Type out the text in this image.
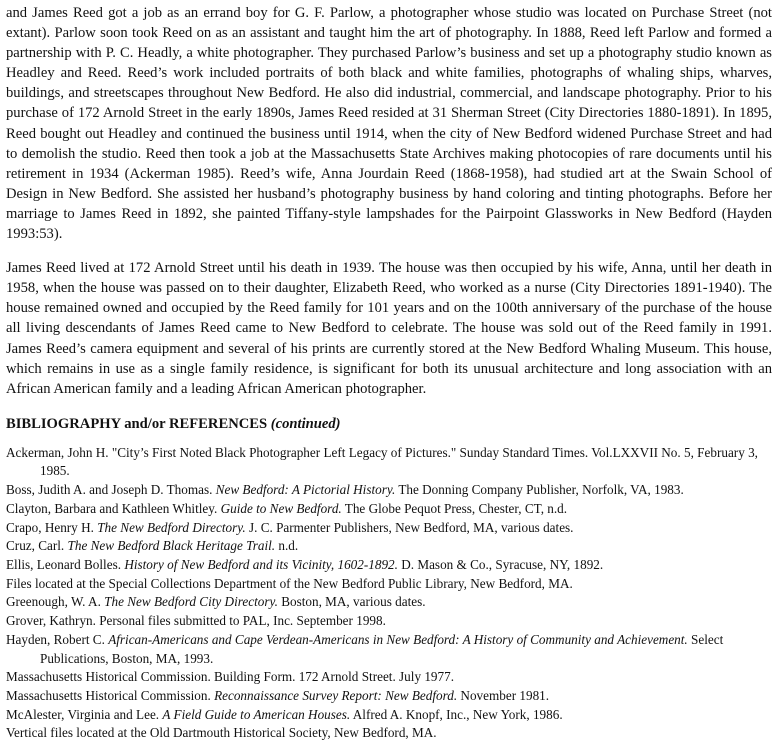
and James Reed got a job as an errand boy for G. F. Parlow, a photographer whose studio was located on Purchase Street (not extant). Parlow soon took Reed on as an assistant and taught him the art of photography. In 1888, Reed left Parlow and formed a partnership with P. C. Headly, a white photographer. They purchased Parlow’s business and set up a photography studio known as Headley and Reed. Reed’s work included portraits of both black and white families, photographs of whaling ships, wharves, buildings, and streetscapes throughout New Bedford. He also did industrial, commercial, and landscape photography. Prior to his purchase of 172 Arnold Street in the early 1890s, James Reed resided at 31 Sherman Street (City Directories 1880-1891). In 1895, Reed bought out Headley and continued the business until 1914, when the city of New Bedford widened Purchase Street and had to demolish the studio. Reed then took a job at the Massachusetts State Archives making photocopies of rare documents until his retirement in 1934 (Ackerman 1985). Reed’s wife, Anna Jourdain Reed (1868-1958), had studied art at the Swain School of Design in New Bedford. She assisted her husband’s photography business by hand coloring and tinting photographs. Before her marriage to James Reed in 1892, she painted Tiffany-style lampshades for the Pairpoint Glassworks in New Bedford (Hayden 1993:53).

James Reed lived at 172 Arnold Street until his death in 1939. The house was then occupied by his wife, Anna, until her death in 1958, when the house was passed on to their daughter, Elizabeth Reed, who worked as a nurse (City Directories 1891-1940). The house remained owned and occupied by the Reed family for 101 years and on the 100th anniversary of the purchase of the house all living descendants of James Reed came to New Bedford to celebrate. The house was sold out of the Reed family in 1991. James Reed’s camera equipment and several of his prints are currently stored at the New Bedford Whaling Museum. This house, which remains in use as a single family residence, is significant for both its unusual architecture and long association with an African American family and a leading African American photographer.

BIBLIOGRAPHY and/or REFERENCES (continued)

Ackerman, John H. "City’s First Noted Black Photographer Left Legacy of Pictures." Sunday Standard Times. Vol.LXXVII No. 5, February 3, 1985.

Boss, Judith A. and Joseph D. Thomas. New Bedford: A Pictorial History. The Donning Company Publisher, Norfolk, VA, 1983.

Clayton, Barbara and Kathleen Whitley. Guide to New Bedford. The Globe Pequot Press, Chester, CT, n.d.

Crapo, Henry H. The New Bedford Directory. J. C. Parmenter Publishers, New Bedford, MA, various dates.

Cruz, Carl. The New Bedford Black Heritage Trail. n.d.

Ellis, Leonard Bolles. History of New Bedford and its Vicinity, 1602-1892. D. Mason & Co., Syracuse, NY, 1892.

Files located at the Special Collections Department of the New Bedford Public Library, New Bedford, MA.

Greenough, W. A. The New Bedford City Directory. Boston, MA, various dates.

Grover, Kathryn. Personal files submitted to PAL, Inc. September 1998.

Hayden, Robert C. African-Americans and Cape Verdean-Americans in New Bedford: A History of Community and Achievement. Select Publications, Boston, MA, 1993.

Massachusetts Historical Commission. Building Form. 172 Arnold Street. July 1977.

Massachusetts Historical Commission. Reconnaissance Survey Report: New Bedford. November 1981.

McAlester, Virginia and Lee. A Field Guide to American Houses. Alfred A. Knopf, Inc., New York, 1986.

Vertical files located at the Old Dartmouth Historical Society, New Bedford, MA.
